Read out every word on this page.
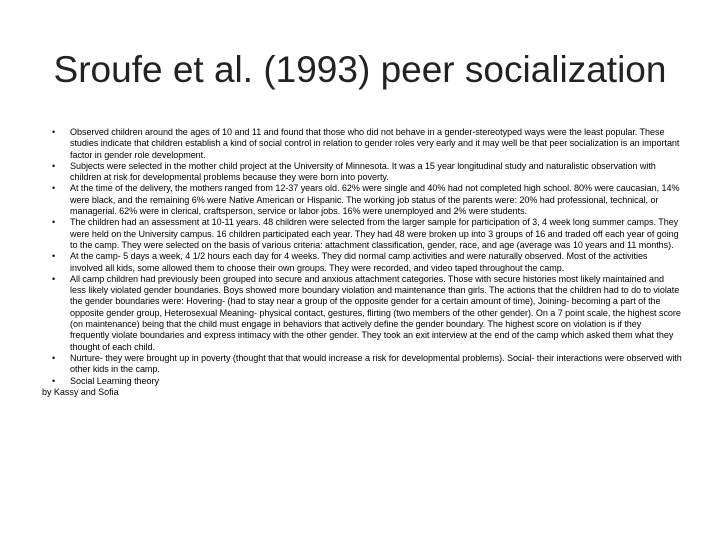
Sroufe et al. (1993) peer socialization
• Observed children around the ages of 10 and 11 and found that those who did not behave in a gender-stereotyped ways were the least popular. These studies indicate that children establish a kind of social control in relation to gender roles very early and it may well be that peer socialization is an important factor in gender role development.
• Subjects were selected in the mother child project at the University of Minnesota. It was a 15 year longitudinal study and naturalistic observation with children at risk for developmental problems because they were born into poverty.
• At the time of the delivery, the mothers ranged from 12-37 years old. 62% were single and 40% had not completed high school. 80% were caucasian, 14% were black, and the remaining 6% were Native American or Hispanic. The working job status of the parents were: 20% had professional, technical, or managerial. 62% were in clerical, craftsperson, service or labor jobs. 16% were unemployed and 2% were students.
• The children had an assessment at 10-11 years. 48 children were selected from the larger sample for participation of 3, 4 week long summer camps. They were held on the University campus. 16 children participated each year. They had 48 were broken up into 3 groups of 16 and traded off each year of going to the camp. They were selected on the basis of various criteria: attachment classification, gender, race, and age (average was 10 years and 11 months).
• At the camp- 5 days a week, 4 1/2 hours each day for 4 weeks. They did normal camp activities and were naturally observed. Most of the activities involved all kids, some allowed them to choose their own groups. They were recorded, and video taped throughout the camp.
• All camp children had previously been grouped into secure and anxious attachment categories. Those with secure histories most likely maintained and less likely violated gender boundaries. Boys showed more boundary violation and maintenance than girls. The actions that the children had to do to violate the gender boundaries were: Hovering- (had to stay near a group of the opposite gender for a certain amount of time), Joining- becoming a part of the opposite gender group, Heterosexual Meaning- physical contact, gestures, flirting (two members of the other gender). On a 7 point scale, the highest score (on maintenance) being that the child must engage in behaviors that actively define the gender boundary. The highest score on violation is if they frequently violate boundaries and express intimacy with the other gender. They took an exit interview at the end of the camp which asked them what they thought of each child.
• Nurture- they were brought up in poverty (thought that that would increase a risk for developmental problems). Social- their interactions were observed with other kids in the camp.
• Social Learning theory
by Kassy and Sofia
